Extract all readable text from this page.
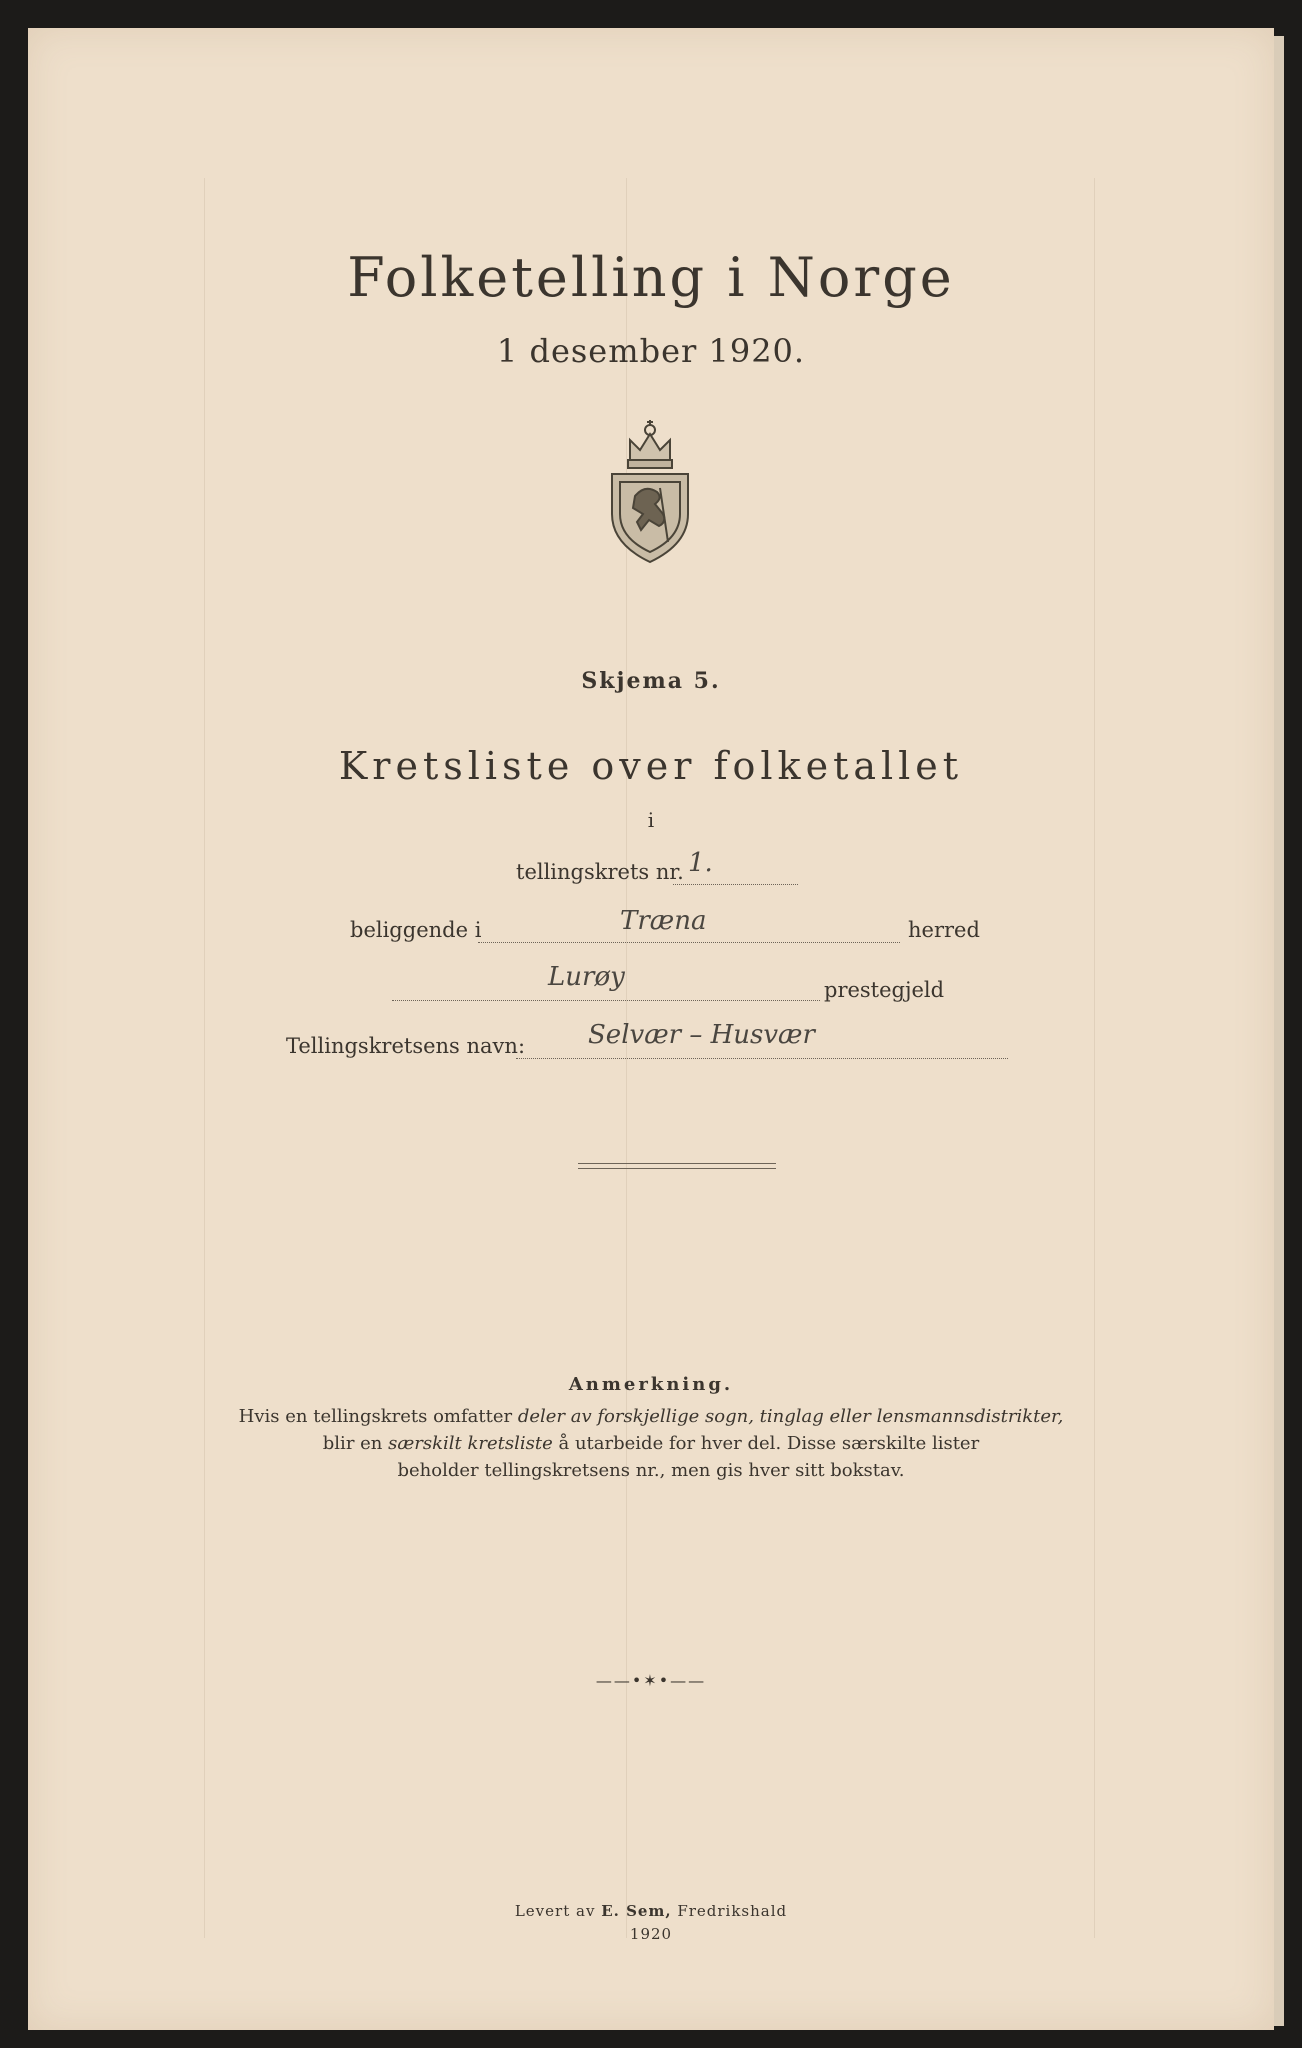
Folketelling i Norge
1 desember 1920.
Skjema 5.
Kretsliste over folketallet
i
tellingskrets nr. 1.
beliggende i	Træna	herred
Lurøy	prestegjeld
Tellingskretsens navn: Selvær – Husvær
Anmerkning.
Hvis en tellingskrets omfatter deler av forskjellige sogn, tinglag eller lensmannsdistrikter,
blir en særskilt kretsliste å utarbeide for hver del. Disse særskilte lister
beholder tellingskretsens nr., men gis hver sitt bokstav.
——•✶•——
Levert av E. Sem, Fredrikshald
1920
